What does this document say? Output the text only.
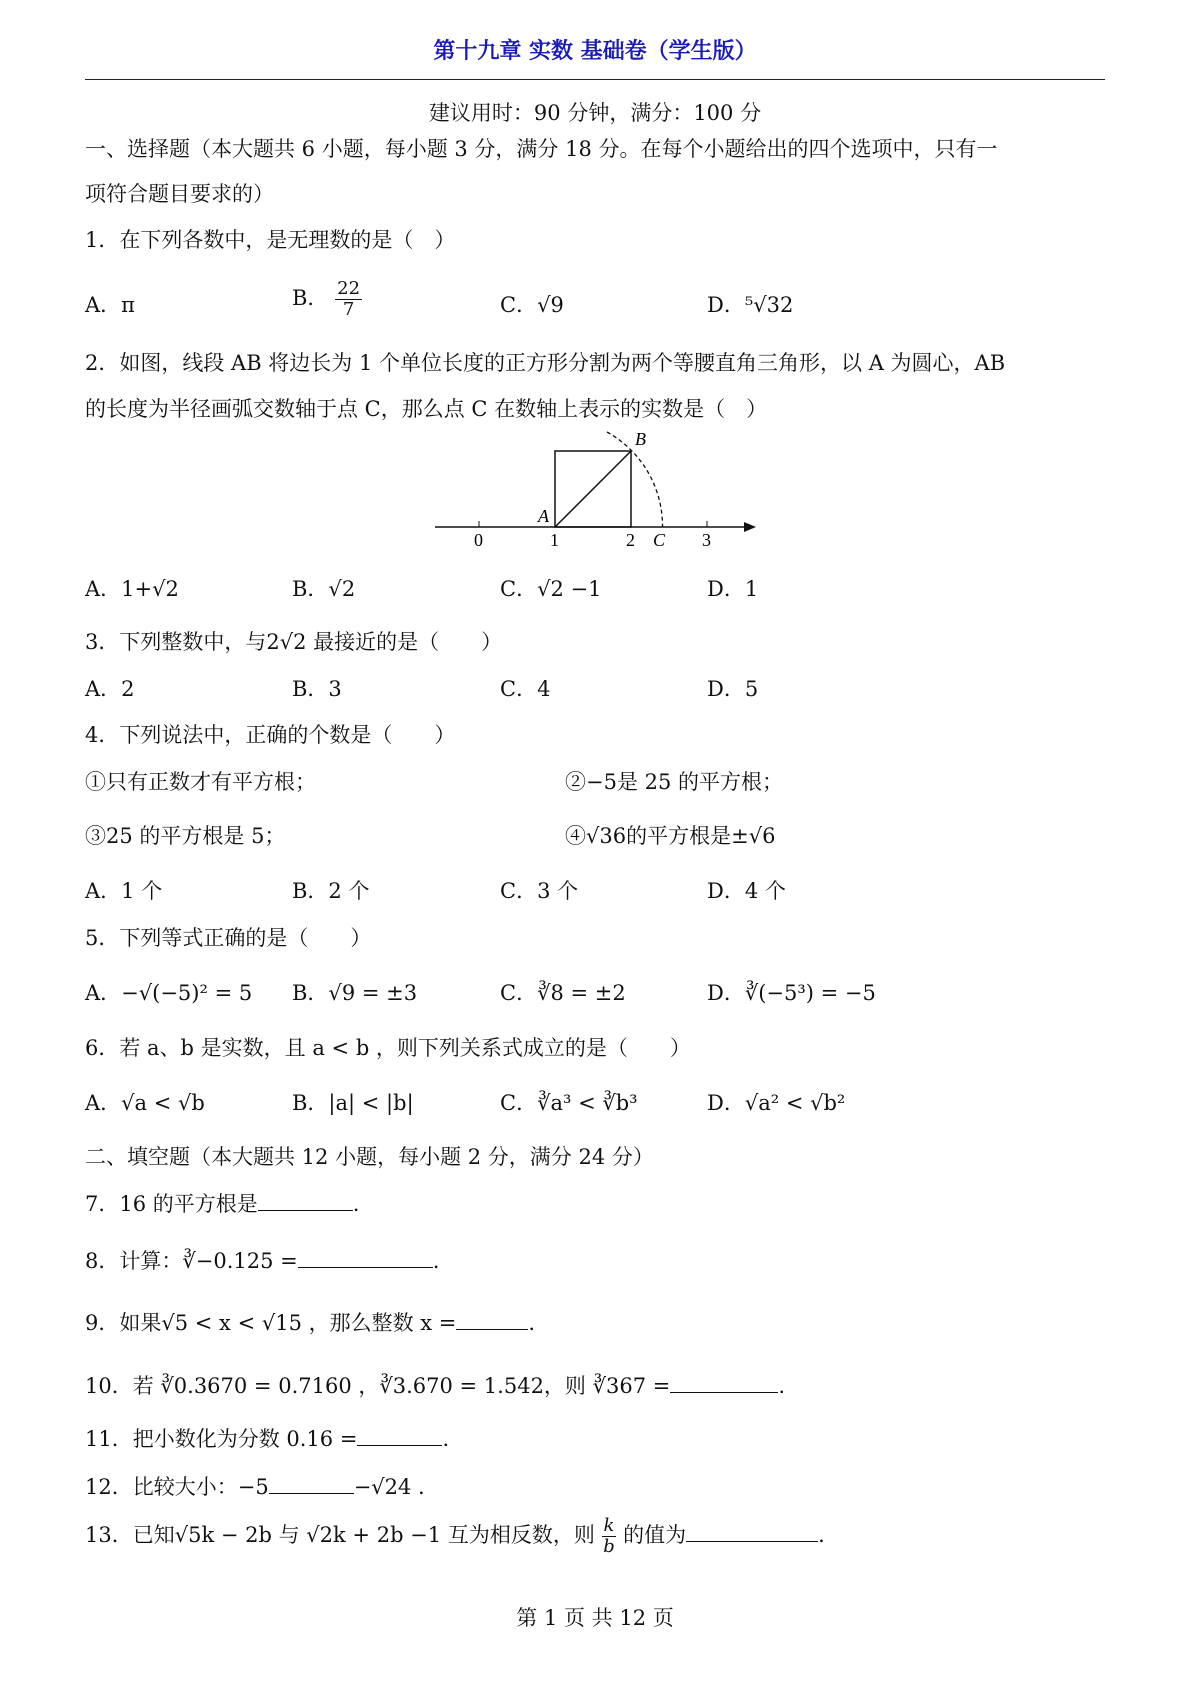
第十九章 实数 基础卷（学生版）
建议用时：90 分钟，满分：100 分
一、选择题（本大题共 6 小题，每小题 3 分，满分 18 分。在每个小题给出的四个选项中，只有一
项符合题目要求的）
1．在下列各数中，是无理数的是（　）
A．π	B． $\frac{22}{7}$	C．√9	D．⁵√32
2．如图，线段 AB 将边长为 1 个单位长度的正方形分割为两个等腰直角三角形，以 A 为圆心，AB
的长度为半径画弧交数轴于点 C，那么点 C 在数轴上表示的实数是（　）
B
A
C
0	1	2	3
A．1+√2	B．√2	C．√2 −1	D．1
3．下列整数中，与2√2 最接近的是（　　）
A．2	B．3	C．4	D．5
4．下列说法中，正确的个数是（　　）
①只有正数才有平方根；	②−5是 25 的平方根；
③25 的平方根是 5；	④√36的平方根是±√6
A．1 个	B．2 个	C．3 个	D．4 个
5．下列等式正确的是（　　）
A．−√(−5)² = 5 B．√9 = ±3	C．∛8 = ±2	D．∛(−5³) = −5
6．若 a、b 是实数，且 a < b ，则下列关系式成立的是（　　）
A．√a < √b	B．|a| < |b|	C．∛a³ < ∛b³	D．√a² < √b²
二、填空题（本大题共 12 小题，每小题 2 分，满分 24 分）
7．16 的平方根是	.
8．计算：∛−0.125 =	.
9．如果√5 < x < √15 ，那么整数 x =	.
10．若 ∛0.3670 = 0.7160 ，∛3.670 = 1.542，则 ∛367 =	.
11．把小数化为分数 0.16 =	.
12．比较大小：−5	−√24 .
13．已知√5k − 2b 与 √2k + 2b −1 互为相反数，则 $\frac{k}{b}$ 的值为	.
第 1 页 共 12 页
